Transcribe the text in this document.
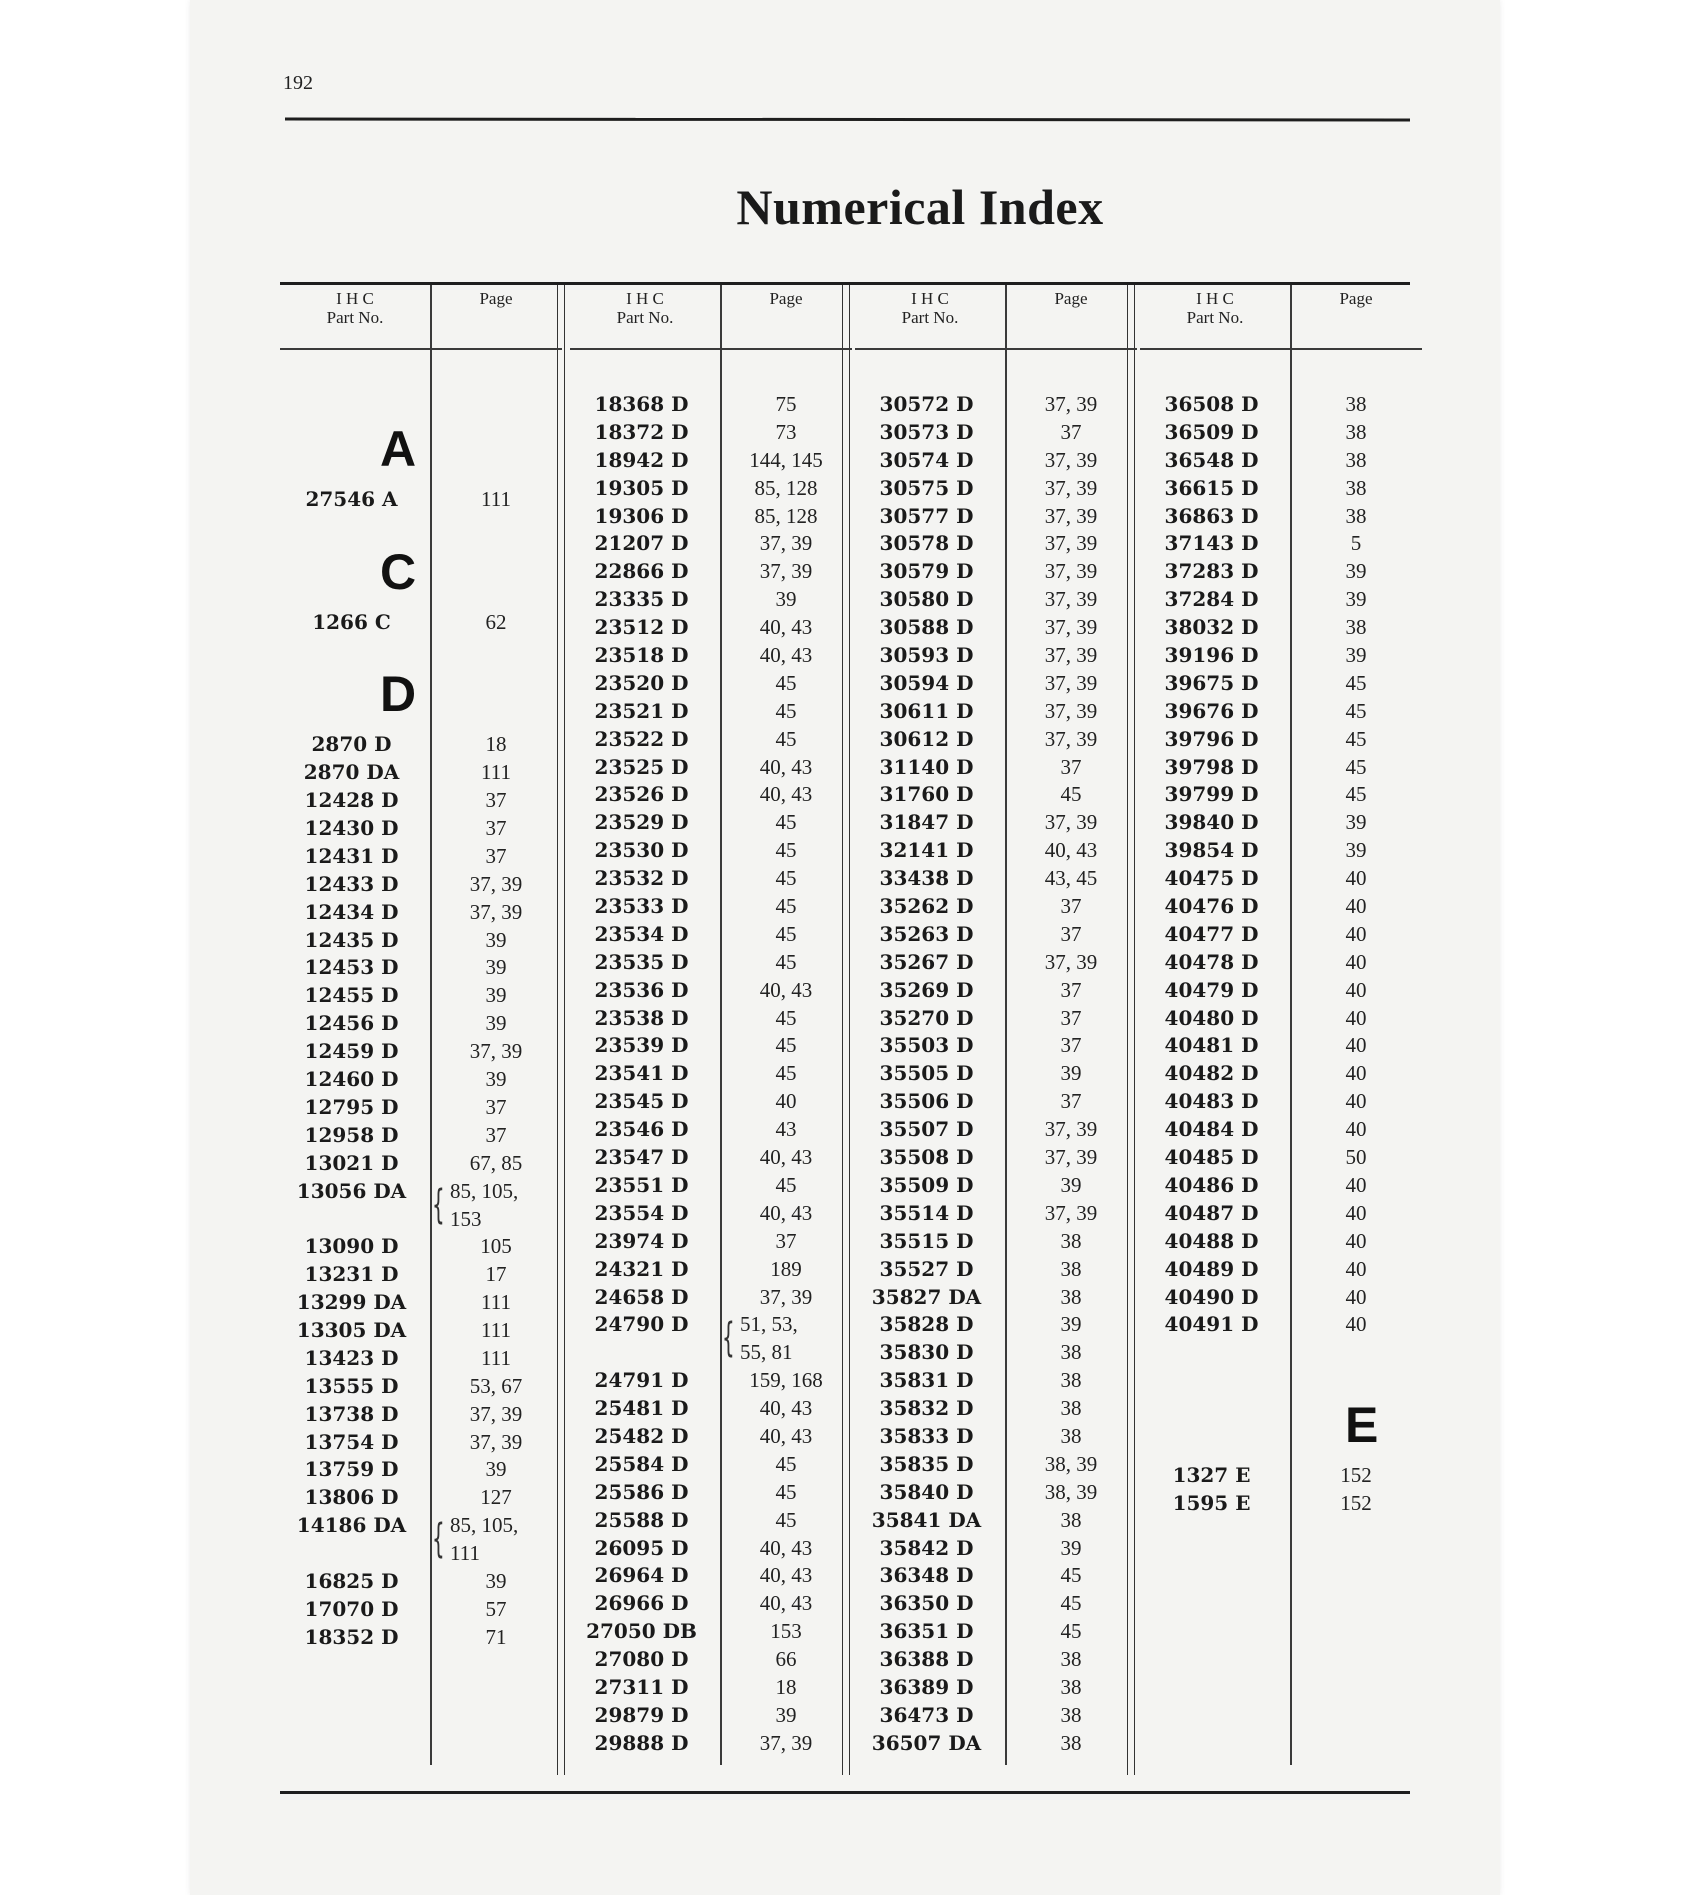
192
Numerical Index
I H C
Part No.
Page
A
27546 A	111
C
1266 C	62
D
2870 D	18
2870 DA	111
12428 D	37
12430 D	37
12431 D	37
12433 D	37, 39
12434 D	37, 39
12435 D	39
12453 D	39
12455 D	39
12456 D	39
12459 D	37, 39
12460 D	39
12795 D	37
12958 D	37
13021 D	67, 85
13056 DA { 85, 105,
153
13090 D	105
13231 D	17
13299 DA	111
13305 DA	111
13423 D	111
13555 D	53, 67
13738 D	37, 39
13754 D	37, 39
13759 D	39
13806 D	127
14186 DA { 85, 105,
111
16825 D	39
17070 D	57
18352 D	71
I H C
Part No.
Page
18368 D	75
18372 D	73
18942 D	144, 145
19305 D	85, 128
19306 D	85, 128
21207 D	37, 39
22866 D	37, 39
23335 D	39
23512 D	40, 43
23518 D	40, 43
23520 D	45
23521 D	45
23522 D	45
23525 D	40, 43
23526 D	40, 43
23529 D	45
23530 D	45
23532 D	45
23533 D	45
23534 D	45
23535 D	45
23536 D	40, 43
23538 D	45
23539 D	45
23541 D	45
23545 D	40
23546 D	43
23547 D	40, 43
23551 D	45
23554 D	40, 43
23974 D	37
24321 D	189
24658 D	37, 39
24790 D { 51, 53,
55, 81
24791 D	159, 168
25481 D	40, 43
25482 D	40, 43
25584 D	45
25586 D	45
25588 D	45
26095 D	40, 43
26964 D	40, 43
26966 D	40, 43
27050 DB	153
27080 D	66
27311 D	18
29879 D	39
29888 D	37, 39
I H C
Part No.
Page
30572 D	37, 39
30573 D	37
30574 D	37, 39
30575 D	37, 39
30577 D	37, 39
30578 D	37, 39
30579 D	37, 39
30580 D	37, 39
30588 D	37, 39
30593 D	37, 39
30594 D	37, 39
30611 D	37, 39
30612 D	37, 39
31140 D	37
31760 D	45
31847 D	37, 39
32141 D	40, 43
33438 D	43, 45
35262 D	37
35263 D	37
35267 D	37, 39
35269 D	37
35270 D	37
35503 D	37
35505 D	39
35506 D	37
35507 D	37, 39
35508 D	37, 39
35509 D	39
35514 D	37, 39
35515 D	38
35527 D	38
35827 DA	38
35828 D	39
35830 D	38
35831 D	38
35832 D	38
35833 D	38
35835 D	38, 39
35840 D	38, 39
35841 DA	38
35842 D	39
36348 D	45
36350 D	45
36351 D	45
36388 D	38
36389 D	38
36473 D	38
36507 DA	38
I H C
Part No.
Page
36508 D	38
36509 D	38
36548 D	38
36615 D	38
36863 D	38
37143 D	5
37283 D	39
37284 D	39
38032 D	38
39196 D	39
39675 D	45
39676 D	45
39796 D	45
39798 D	45
39799 D	45
39840 D	39
39854 D	39
40475 D	40
40476 D	40
40477 D	40
40478 D	40
40479 D	40
40480 D	40
40481 D	40
40482 D	40
40483 D	40
40484 D	40
40485 D	50
40486 D	40
40487 D	40
40488 D	40
40489 D	40
40490 D	40
40491 D	40
E
1327 E	152
1595 E	152
